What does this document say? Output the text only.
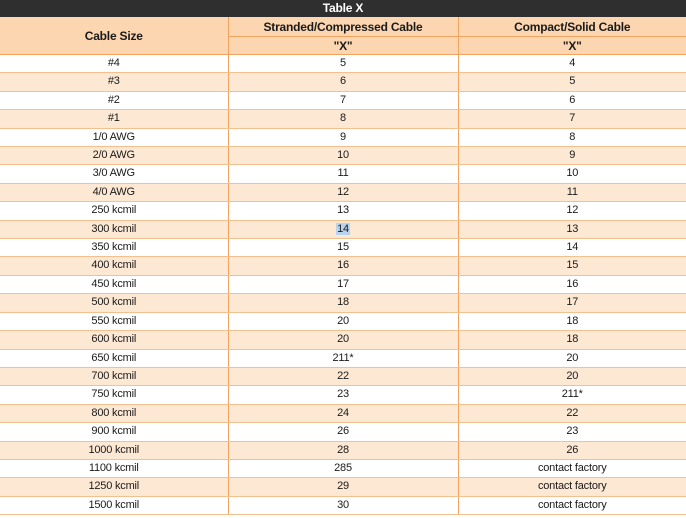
Table X
Cable Size	Stranded/Compressed Cable	Compact/Solid Cable
	"X"	"X"
#4	5	4
#3	6	5
#2	7	6
#1	8	7
1/0 AWG	9	8
2/0 AWG	10	9
3/0 AWG	11	10
4/0 AWG	12	11
250 kcmil	13	12
300 kcmil	14	13
350 kcmil	15	14
400 kcmil	16	15
450 kcmil	17	16
500 kcmil	18	17
550 kcmil	20	18
600 kcmil	20	18
650 kcmil	211*	20
700 kcmil	22	20
750 kcmil	23	211*
800 kcmil	24	22
900 kcmil	26	23
1000 kcmil	28	26
1100 kcmil	285	contact factory
1250 kcmil	29	contact factory
1500 kcmil	30	contact factory
